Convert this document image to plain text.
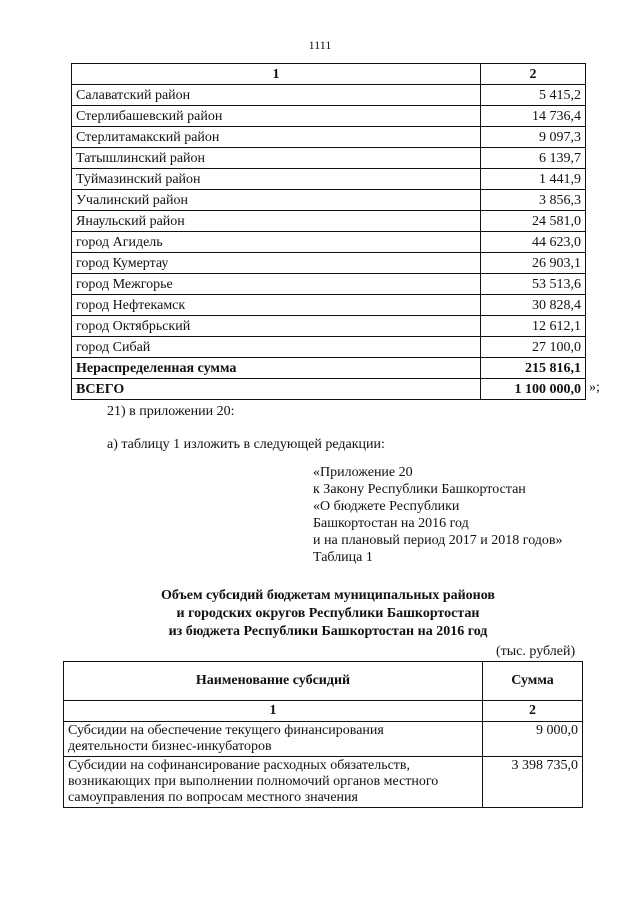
1111
1	2
Салаватский район	5 415,2
Стерлибашевский район	14 736,4
Стерлитамакский район	9 097,3
Татышлинский район	6 139,7
Туймазинский район	1 441,9
Учалинский район	3 856,3
Янаульский район	24 581,0
город Агидель	44 623,0
город Кумертау	26 903,1
город Межгорье	53 513,6
город Нефтекамск	30 828,4
город Октябрьский	12 612,1
город Сибай	27 100,0
Нераспределенная сумма	215 816,1
ВСЕГО	1 100 000,0 »;
21) в приложении 20:
а) таблицу 1 изложить в следующей редакции:
«Приложение 20
к Закону Республики Башкортостан
«О бюджете Республики
Башкортостан на 2016 год
и на плановый период 2017 и 2018 годов»
Таблица 1
Объем субсидий бюджетам муниципальных районов
и городских округов Республики Башкортостан
из бюджета Республики Башкортостан на 2016 год
(тыс. рублей)
Наименование субсидий	Сумма
1	2

Субсидии на обеспечение текущего финансирования
деятельности бизнес-инкубаторов	9 000,0

Субсидии на софинансирование расходных обязательств,
возникающих при выполнении полномочий органов местного
самоуправления по вопросам местного значения	3 398 735,0
